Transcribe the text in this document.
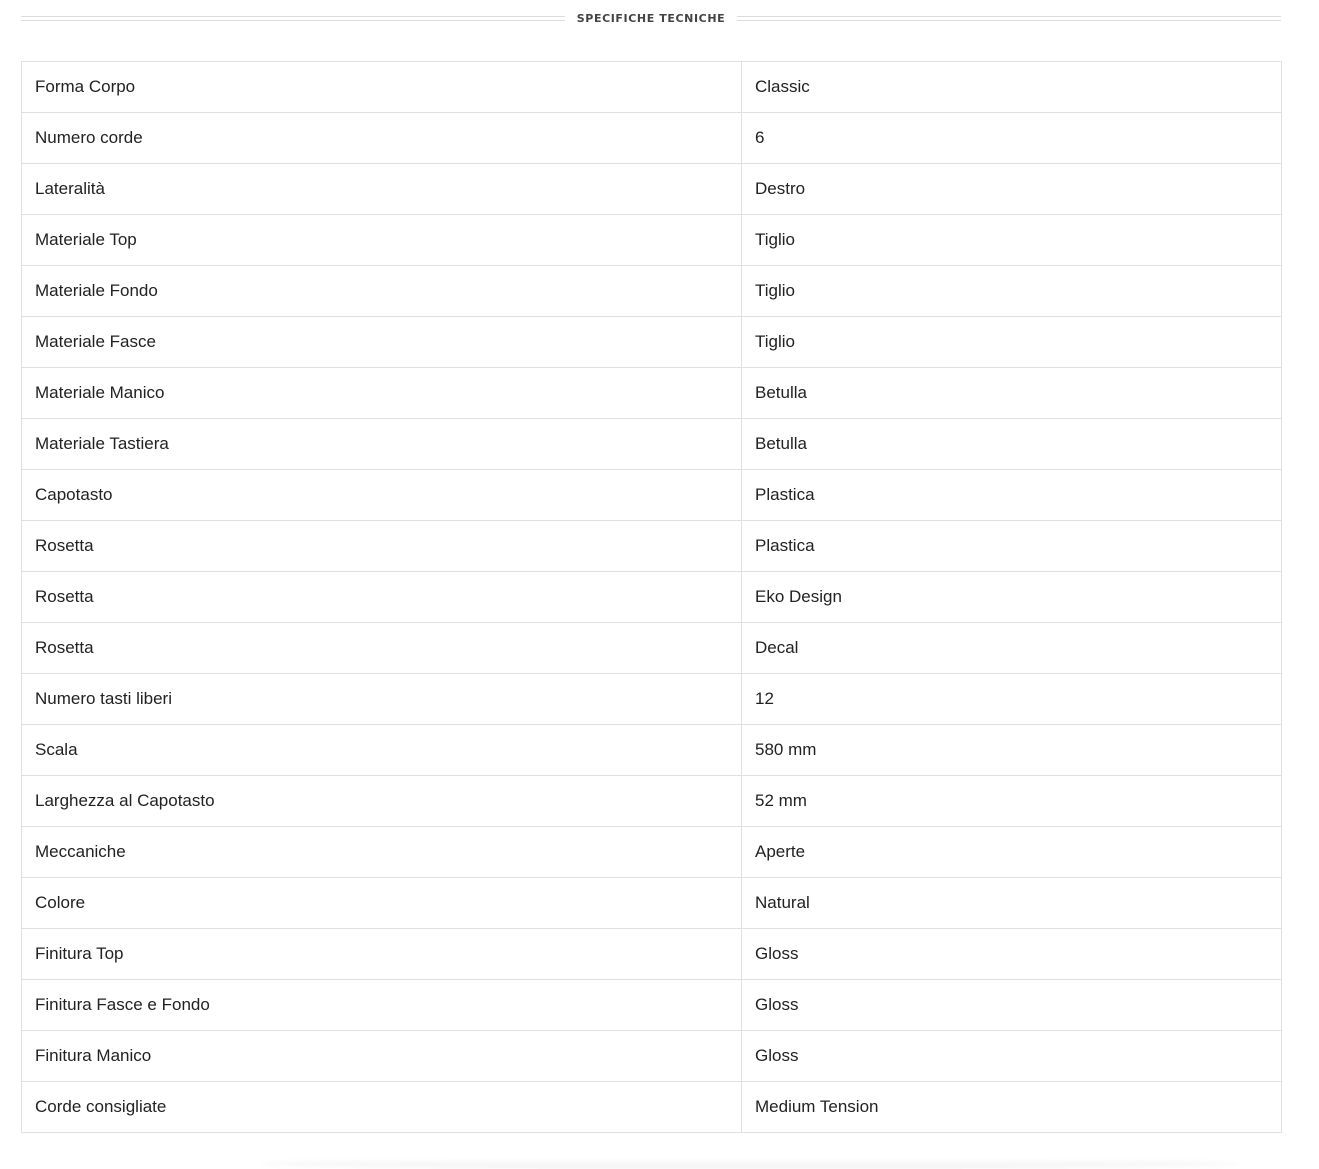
SPECIFICHE TECNICHE
Forma Corpo	Classic
Numero corde	6
Lateralità	Destro
Materiale Top	Tiglio
Materiale Fondo	Tiglio
Materiale Fasce	Tiglio
Materiale Manico	Betulla
Materiale Tastiera	Betulla
Capotasto	Plastica
Rosetta	Plastica
Rosetta	Eko Design
Rosetta	Decal
Numero tasti liberi	12
Scala	580 mm
Larghezza al Capotasto	52 mm
Meccaniche	Aperte
Colore	Natural
Finitura Top	Gloss
Finitura Fasce e Fondo	Gloss
Finitura Manico	Gloss
Corde consigliate	Medium Tension
